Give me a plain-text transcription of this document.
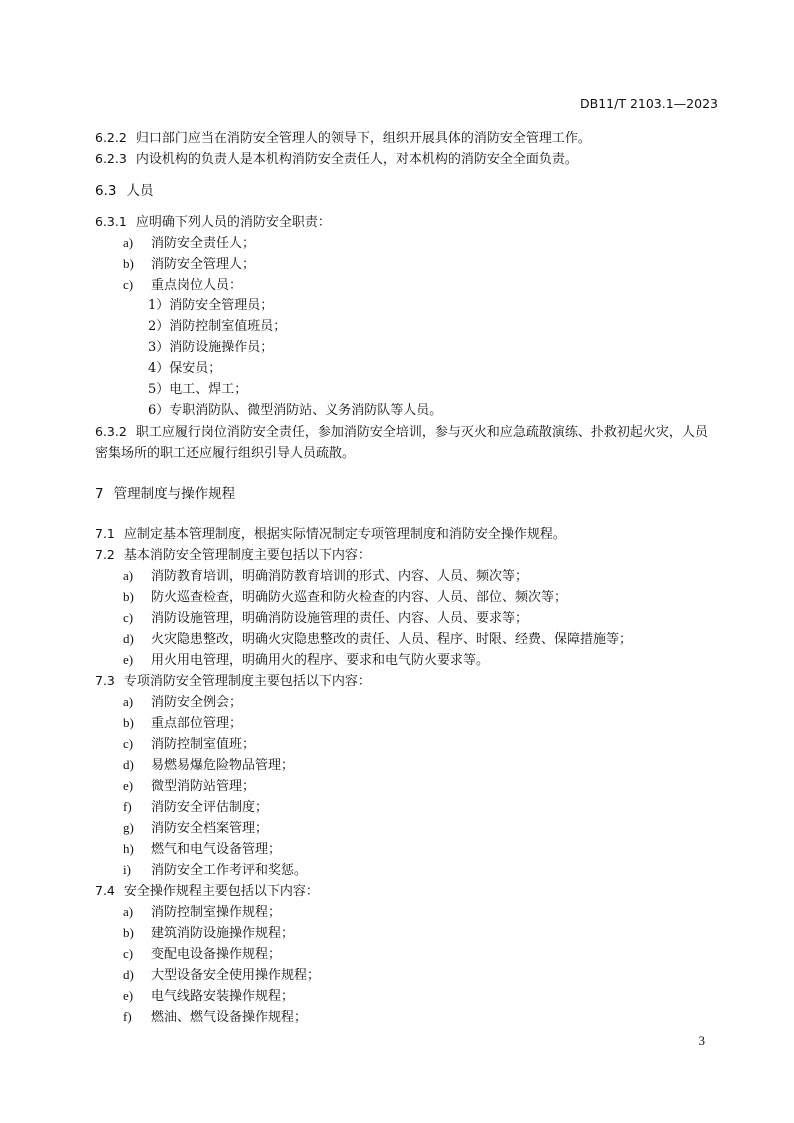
DB11/T 2103.1—2023
6.2.2 归口部门应当在消防安全管理人的领导下，组织开展具体的消防安全管理工作。
6.2.3 内设机构的负责人是本机构消防安全责任人，对本机构的消防安全全面负责。
6.3 人员
6.3.1 应明确下列人员的消防安全职责：
a) 消防安全责任人；
b) 消防安全管理人；
c) 重点岗位人员：
1）消防安全管理员；
2）消防控制室值班员；
3）消防设施操作员；
4）保安员；
5）电工、焊工；
6）专职消防队、微型消防站、义务消防队等人员。
6.3.2 职工应履行岗位消防安全责任，参加消防安全培训，参与灭火和应急疏散演练、扑救初起火灾，人员密集场所的职工还应履行组织引导人员疏散。
7 管理制度与操作规程
7.1 应制定基本管理制度，根据实际情况制定专项管理制度和消防安全操作规程。
7.2 基本消防安全管理制度主要包括以下内容：
a) 消防教育培训，明确消防教育培训的形式、内容、人员、频次等；
b) 防火巡查检查，明确防火巡查和防火检查的内容、人员、部位、频次等；
c) 消防设施管理，明确消防设施管理的责任、内容、人员、要求等；
d) 火灾隐患整改，明确火灾隐患整改的责任、人员、程序、时限、经费、保障措施等；
e) 用火用电管理，明确用火的程序、要求和电气防火要求等。
7.3 专项消防安全管理制度主要包括以下内容：
a) 消防安全例会；
b) 重点部位管理；
c) 消防控制室值班；
d) 易燃易爆危险物品管理；
e) 微型消防站管理；
f) 消防安全评估制度；
g) 消防安全档案管理；
h) 燃气和电气设备管理；
i) 消防安全工作考评和奖惩。
7.4 安全操作规程主要包括以下内容：
a) 消防控制室操作规程；
b) 建筑消防设施操作规程；
c) 变配电设备操作规程；
d) 大型设备安全使用操作规程；
e) 电气线路安装操作规程；
f) 燃油、燃气设备操作规程；
3
